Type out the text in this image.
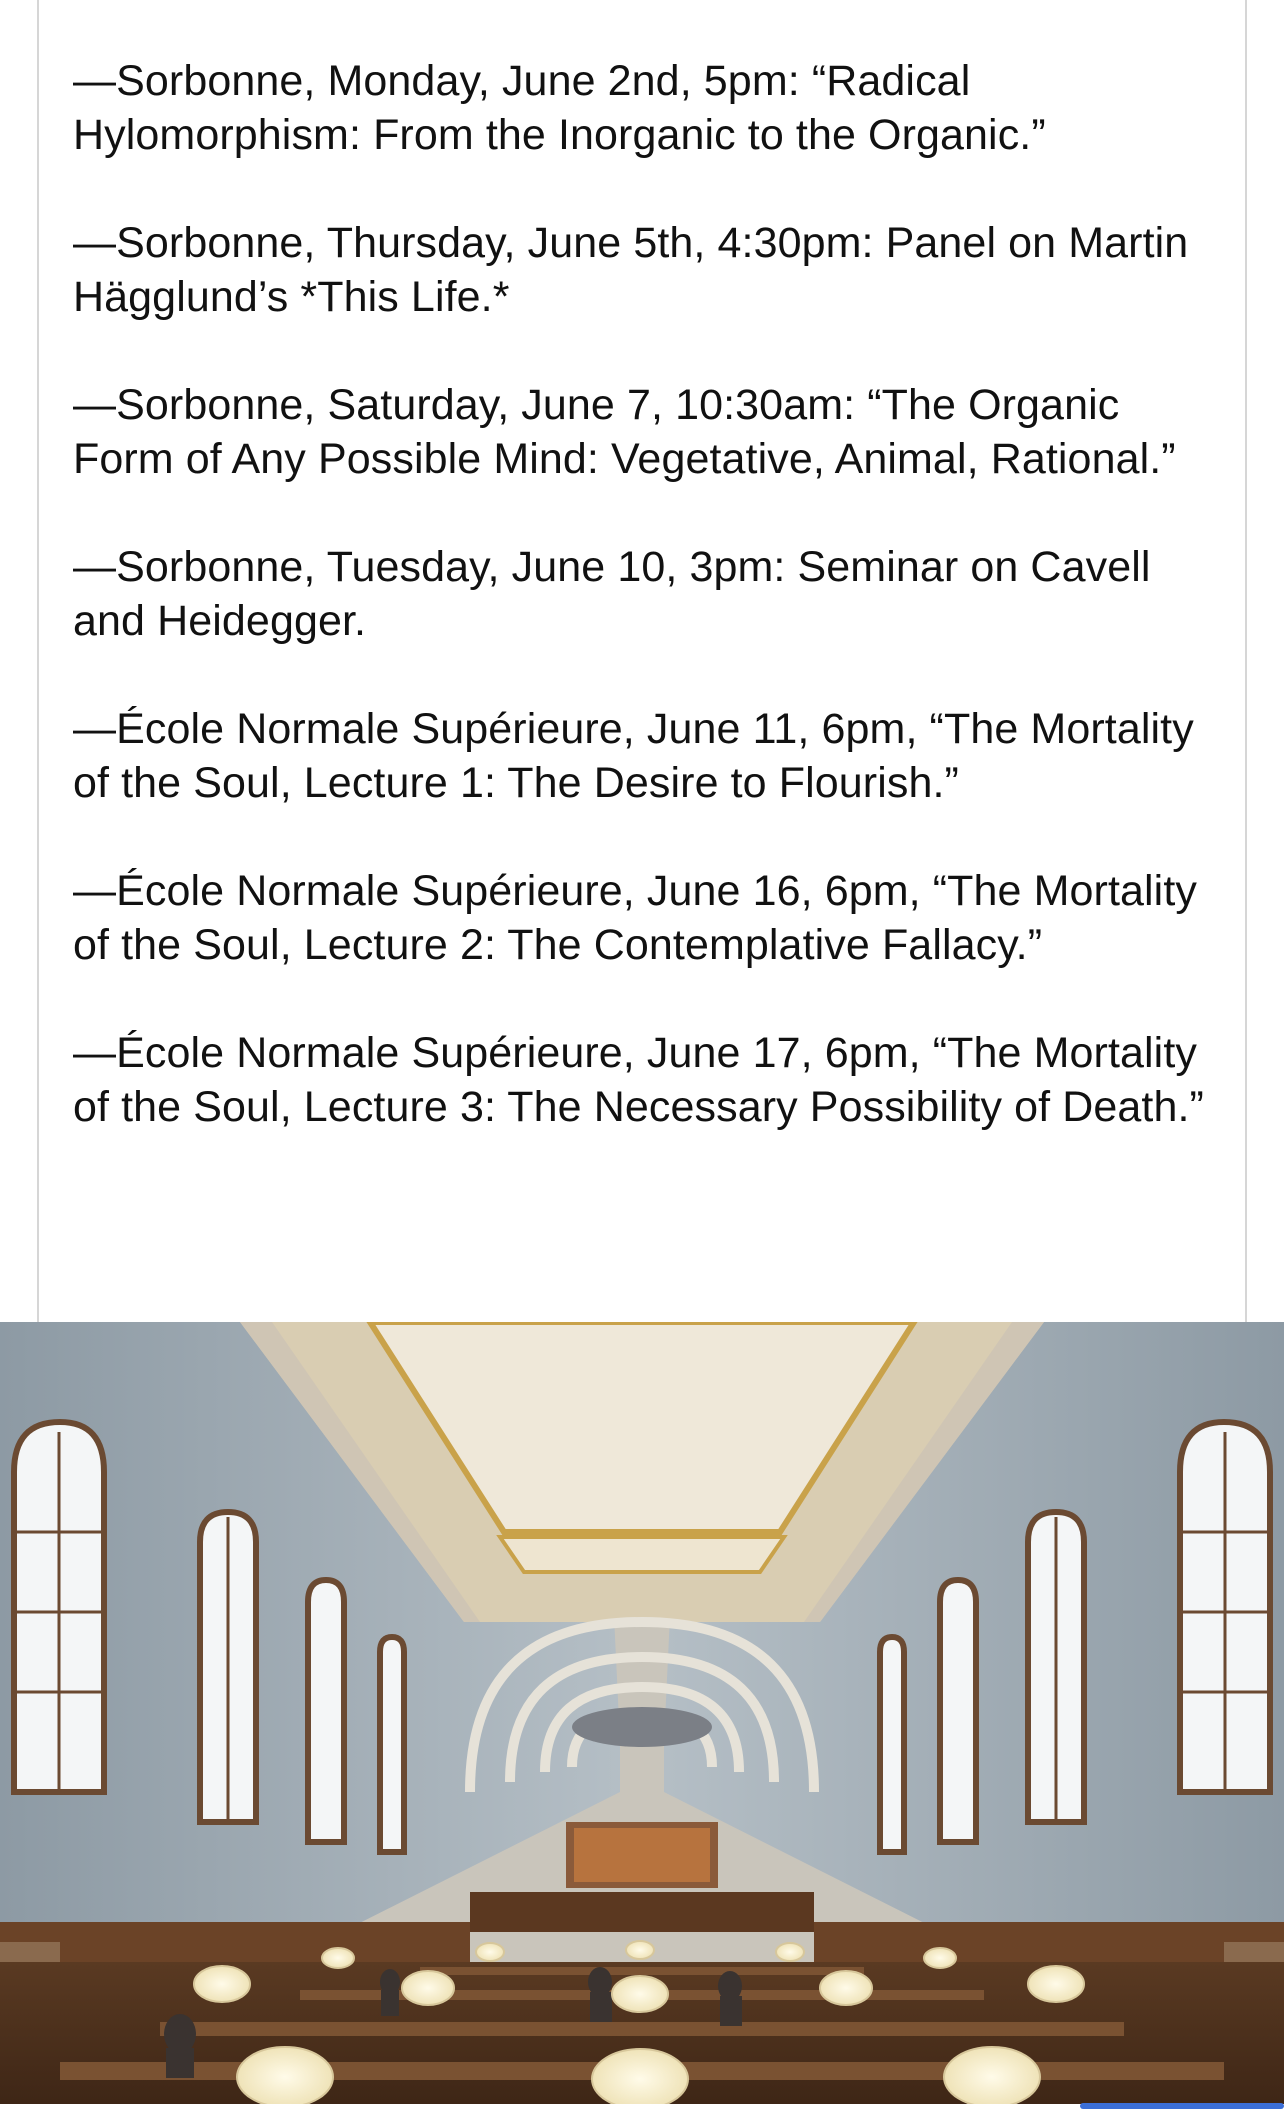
—Sorbonne, Monday, June 2nd, 5pm: “Radical Hylomorphism: From the Inorganic to the Organic.”
—Sorbonne, Thursday, June 5th, 4:30pm: Panel on Martin Hägglund’s *This Life.*
—Sorbonne, Saturday, June 7, 10:30am: “The Organic Form of Any Possible Mind: Vegetative, Animal, Rational.”
—Sorbonne, Tuesday, June 10, 3pm: Seminar on Cavell and Heidegger.
—École Normale Supérieure, June 11, 6pm, “The Mortality of the Soul, Lecture 1: The Desire to Flourish.”
—École Normale Supérieure, June 16, 6pm, “The Mortality of the Soul, Lecture 2: The Contemplative Fallacy.”
—École Normale Supérieure, June 17, 6pm, “The Mortality of the Soul, Lecture 3: The Necessary Possibility of Death.”
